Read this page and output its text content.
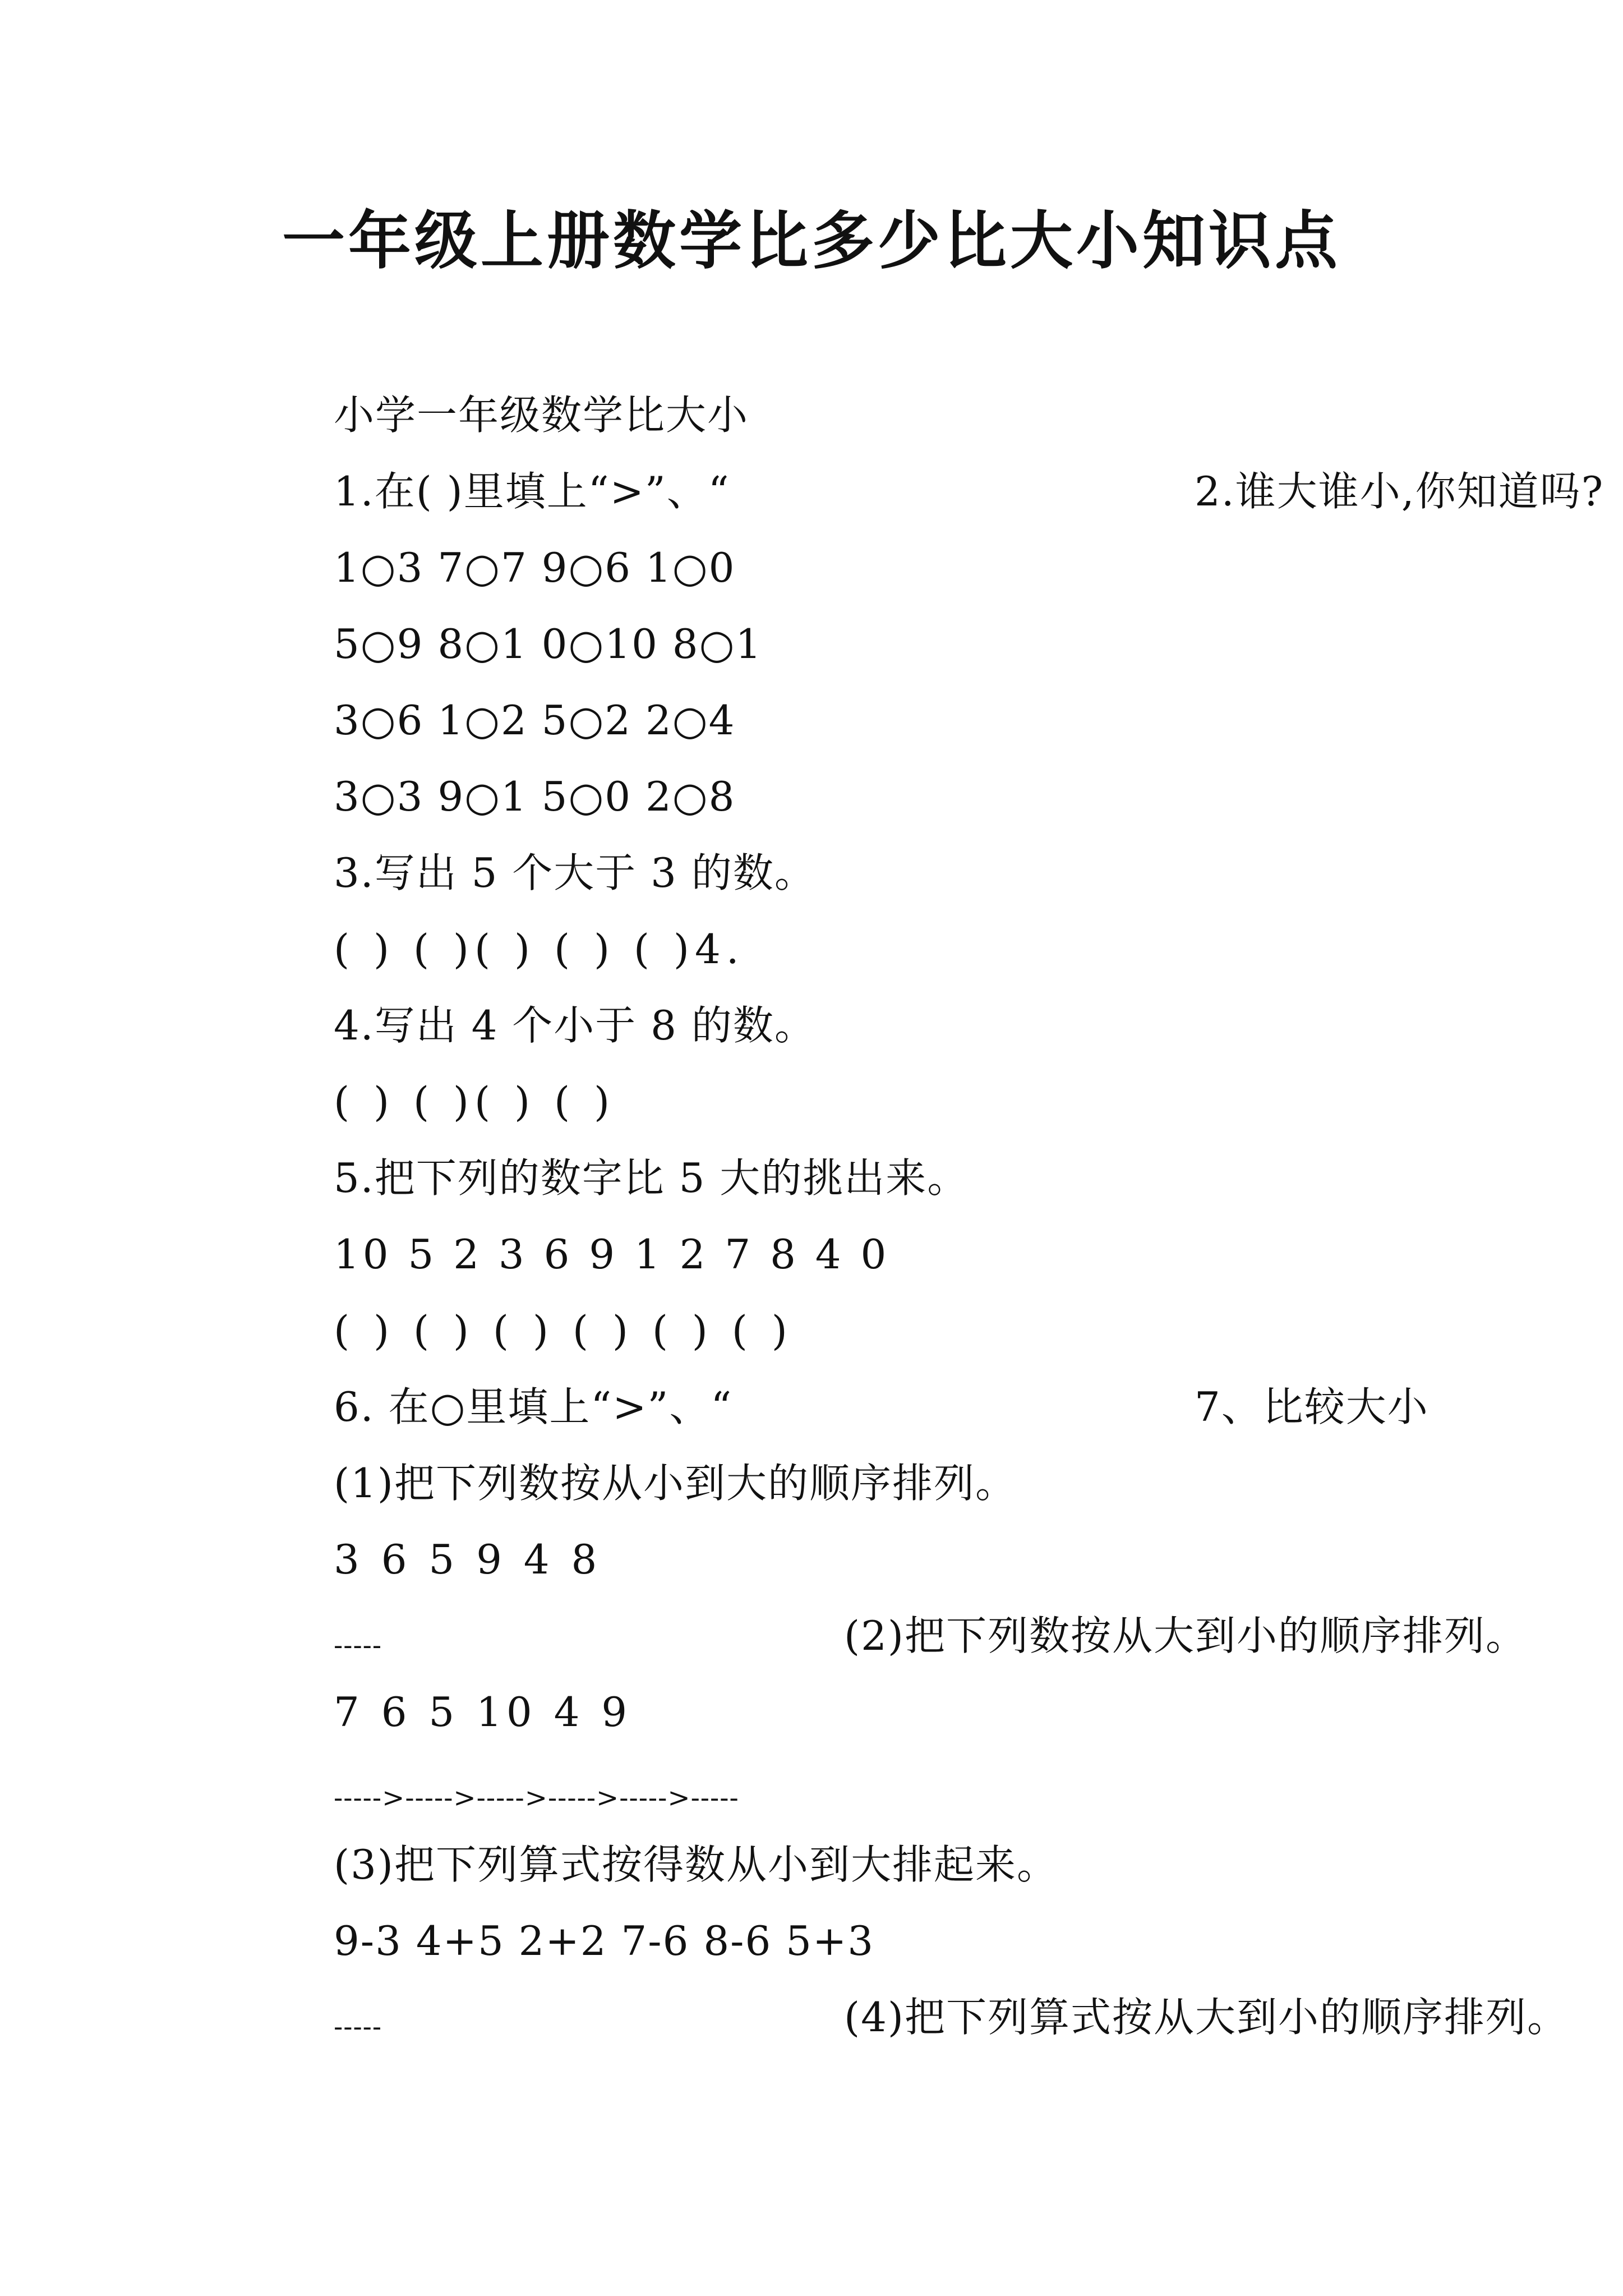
一年级上册数学比多少比大小知识点
小学一年级数学比大小
1.在( )里填上“>”、“	2.谁大谁小,你知道吗?
1○3 7○7 9○6 1○0
5○9 8○1 0○10 8○1
3○6 1○2 5○2 2○4
3○3 9○1 5○0 2○8
3.写出 5 个大于 3 的数。
( ) ( )( ) ( ) ( )4.
4.写出 4 个小于 8 的数。
( ) ( )( ) ( )
5.把下列的数字比 5 大的挑出来。
10 5 2 3 6 9 1 2 7 8 4 0
( ) ( ) ( ) ( ) ( ) ( )
6. 在○里填上“>”、“	7、比较大小
(1)把下列数按从小到大的顺序排列。
3 6 5 9 4 8
-----	(2)把下列数按从大到小的顺序排列。
7 6 5 10 4 9
----->----->----->----->----->-----
(3)把下列算式按得数从小到大排起来。
9-3 4+5 2+2 7-6 8-6 5+3
-----	(4)把下列算式按从大到小的顺序排列。
